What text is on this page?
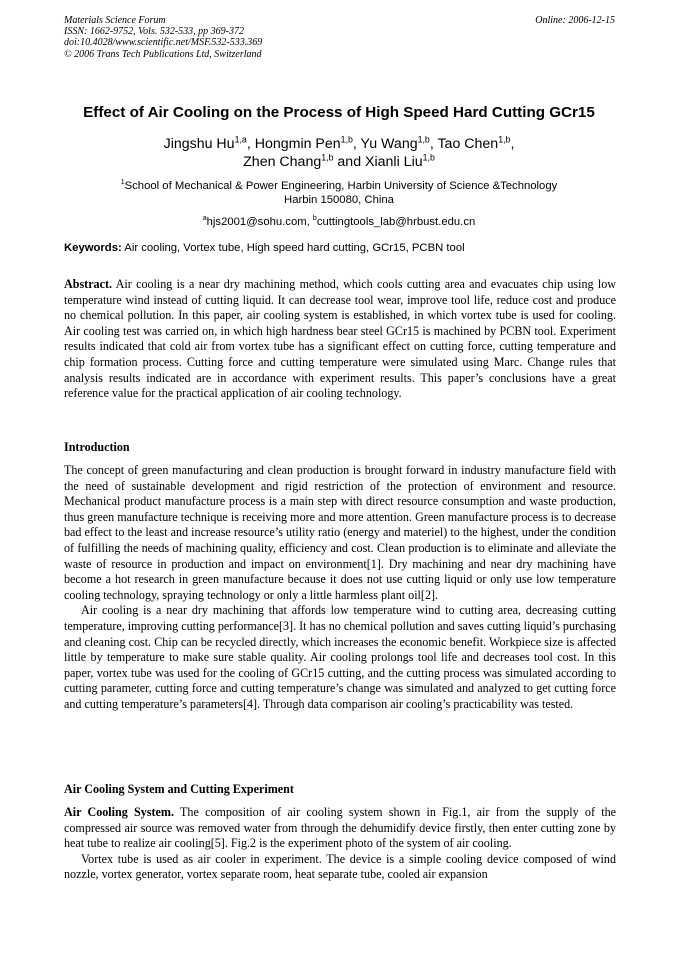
Materials Science Forum
ISSN: 1662-9752, Vols. 532-533, pp 369-372
doi:10.4028/www.scientific.net/MSF.532-533.369
© 2006 Trans Tech Publications Ltd, Switzerland
Online: 2006-12-15
Effect of Air Cooling on the Process of High Speed Hard Cutting GCr15
Jingshu Hu$^{1,a}$, Hongmin Pen$^{1,b}$, Yu Wang$^{1,b}$, Tao Chen$^{1,b}$,
Zhen Chang$^{1,b}$ and Xianli Liu$^{1,b}$
$^1$School of Mechanical & Power Engineering, Harbin University of Science &Technology
Harbin 150080, China
$^a$hjs2001@sohu.com, $^b$cuttingtools_lab@hrbust.edu.cn
Keywords: Air cooling, Vortex tube, High speed hard cutting, GCr15, PCBN tool

Abstract. Air cooling is a near dry machining method, which cools cutting area and evacuates chip using low temperature wind instead of cutting liquid. It can decrease tool wear, improve tool life, reduce cost and produce no chemical pollution. In this paper, air cooling system is established, in which vortex tube is used for cooling. Air cooling test was carried on, in which high hardness bear steel GCr15 is machined by PCBN tool. Experiment results indicated that cold air from vortex tube has a significant effect on cutting force, cutting temperature and chip formation process. Cutting force and cutting temperature were simulated using Marc. Change rules that analysis results indicated are in accordance with experiment results. This paper’s conclusions have a great reference value for the practical application of air cooling technology.

Introduction

The concept of green manufacturing and clean production is brought forward in industry manufacture field with the need of sustainable development and rigid restriction of the protection of environment and resource. Mechanical product manufacture process is a main step with direct resource consumption and waste production, thus green manufacture technique is receiving more and more attention. Green manufacture process is to decrease bad effect to the least and increase resource’s utility ratio (energy and materiel) to the highest, under the condition of fulfilling the needs of machining quality, efficiency and cost. Clean production is to eliminate and alleviate the waste of resource in production and impact on environment[1]. Dry machining and near dry machining have become a hot research in green manufacture because it does not use cutting liquid or only use low temperature cooling technology, spraying technology or only a little harmless plant oil[2].

Air cooling is a near dry machining that affords low temperature wind to cutting area, decreasing cutting temperature, improving cutting performance[3]. It has no chemical pollution and saves cutting liquid’s purchasing and cleaning cost. Chip can be recycled directly, which increases the economic benefit. Workpiece size is affected little by temperature to make sure stable quality. Air cooling prolongs tool life and decreases tool cost. In this paper, vortex tube was used for the cooling of GCr15 cutting, and the cutting process was simulated according to cutting parameter, cutting force and cutting temperature’s change was simulated and analyzed to get cutting force and cutting temperature’s parameters[4]. Through data comparison air cooling’s practicability was tested.

Air Cooling System and Cutting Experiment

Air Cooling System. The composition of air cooling system shown in Fig.1, air from the supply of the compressed air source was removed water from through the dehumidify device firstly, then enter cutting zone by heat tube to realize air cooling[5]. Fig.2 is the experiment photo of the system of air cooling.

Vortex tube is used as air cooler in experiment. The device is a simple cooling device composed of wind nozzle, vortex generator, vortex separate room, heat separate tube, cooled air expansion
